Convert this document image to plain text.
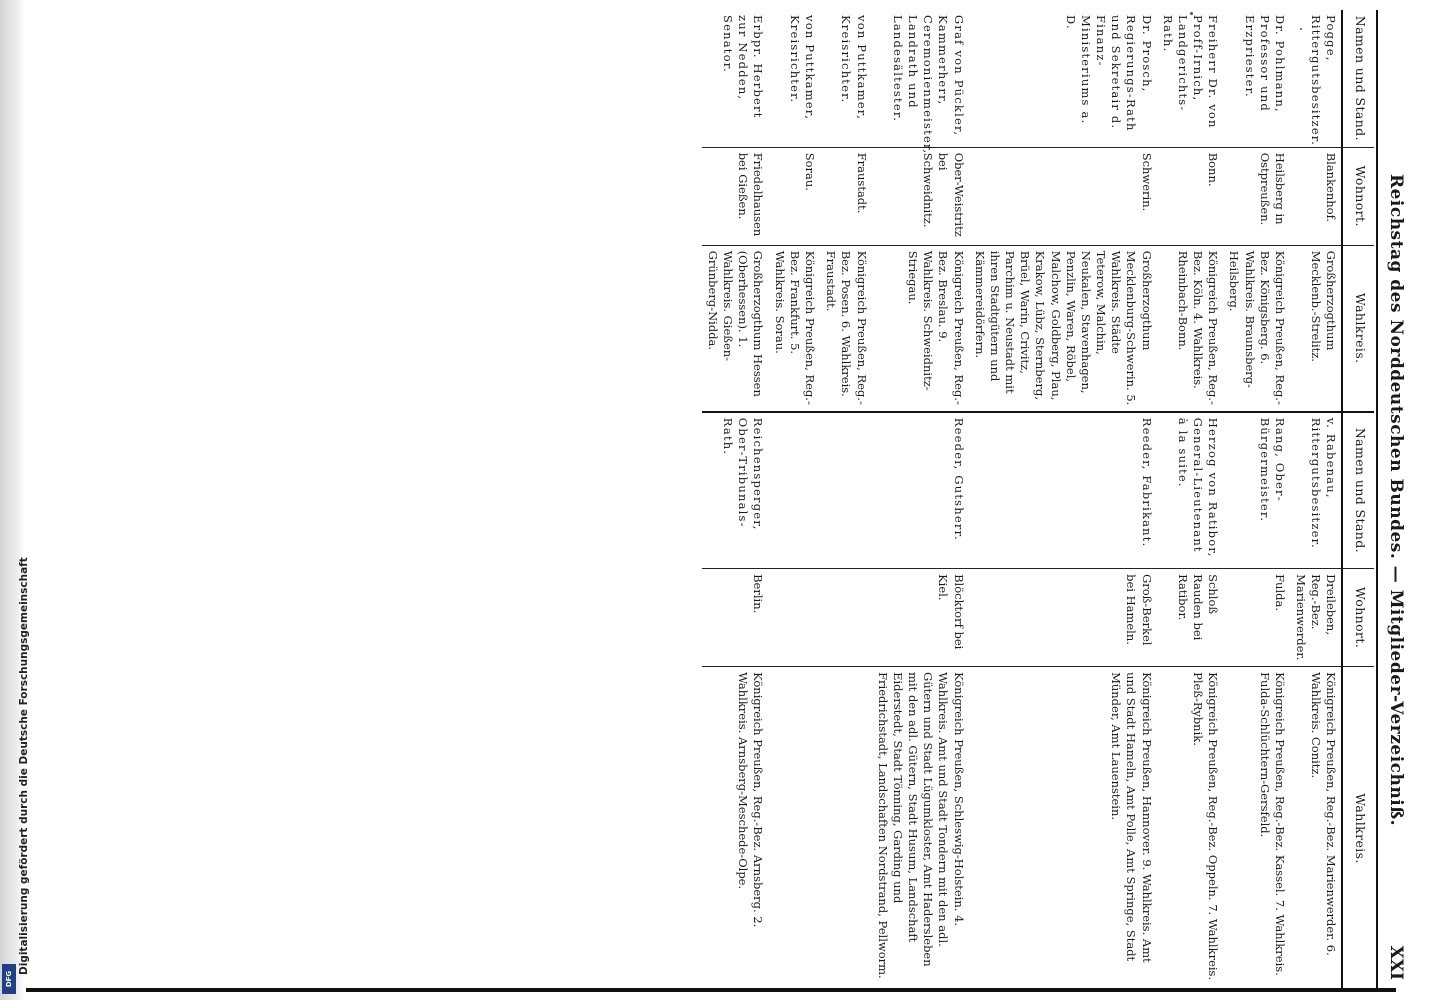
DFG
Digitalisierung gefördert durch die Deutsche Forschungsgemeinschaft	Reichstag des Norddeutschen Bundes. — Mitglieder-Verzeichniß.
XXI
Namen und Stand.	Wohnort.	Wahlkreis.	Namen und Stand.	Wohnort.	Wahlkreis.
Pogge, Rittergutsbesitzer.	Blankenhof.	Großherzogthum Mecklenb.-Strelitz.	v. Rabenau, Rittergutsbesitzer.	Dreileben, Reg.-Bez. Marienwerder.	Königreich Preußen, Reg.-Bez. Marienwerder. 6. Wahlkreis. Conitz.
Dr. Pohlmann, Professor und Erzpriester.	Heilsberg in Ostpreußen.	Königreich Preußen, Reg.-Bez. Königsberg. 6. Wahlkreis. Braunsberg-Heilsberg.	Rang, Ober-Bürgermeister.	Fulda.	Königreich Preußen, Reg.-Bez. Kassel. 7. Wahlkreis. Fulda-Schlüchtern-Gersfeld.
Freiherr Dr. von Proff-Irnich, Landgerichts-Rath.	Bonn.	Königreich Preußen, Reg.-Bez. Köln. 4. Wahlkreis. Rheinbach-Bonn.	Herzog von Ratibor, General-Lieutenant à la suite.	Schloß Rauden bei Ratibor.	Königreich Preußen, Reg.-Bez. Oppeln. 7. Wahlkreis. Pleß-Rybnik.
Dr. Prosch, Regierungs-Rath und Sekretair d. Finanz-Ministeriums a. D.	Schwerin.	Großherzogthum Mecklenburg-Schwerin. 5. Wahlkreis. Städte Teterow, Malchin, Neukalen, Stavenhagen, Penzlin, Waren, Röbel, Malchow, Goldberg, Plau, Krakow, Lübz, Sternberg, Brüel, Warin, Crivitz, Parchim u. Neustadt mit ihren Stadtgütern und Kämmereidörfern.	Reeder, Fabrikant.	Groß-Berkel bei Hameln.	Königreich Preußen, Hannover. 9. Wahlkreis. Amt und Stadt Hameln, Amt Polle, Amt Springe, Stadt Münder, Amt Lauenstein.
Graf von Pückler, Kammerherr, Ceremonienmeister, Landrath und Landesältester.	Ober-Weistritz bei Schweidnitz.	Königreich Preußen, Reg.-Bez. Breslau. 9. Wahlkreis. Schweidnitz-Striegau.	Reeder, Gutsherr.	Blöcktorf bei Kiel.	Königreich Preußen, Schleswig-Holstein. 4. Wahlkreis. Amt und Stadt Tondern mit den adl. Gütern und Stadt Lügumkloster, Amt Hadersleben mit den adl. Gütern, Stadt Husum, Landschaft Eiderstedt, Stadt Tönning, Garding und Friedrichstadt, Landschaften Nordstrand, Pellworm.
von Puttkamer, Kreisrichter.	Fraustadt.	Königreich Preußen, Reg.-Bez. Posen. 6. Wahlkreis. Fraustadt.			
von Puttkamer, Kreisrichter.	Sorau.	Königreich Preußen, Reg.-Bez. Frankfurt. 5. Wahlkreis. Sorau.			
Erbpr. Herbert zur Nedden, Senator.	Friedelhausen bei Gießen.	Großherzogthum Hessen (Oberhessen). 1. Wahlkreis. Gießen-Grünberg-Nidda.	Reichensperger, Ober-Tribunals-Rath.	Berlin.	Königreich Preußen, Reg.-Bez. Arnsberg. 2. Wahlkreis. Arnsberg-Meschede-Olpe.
